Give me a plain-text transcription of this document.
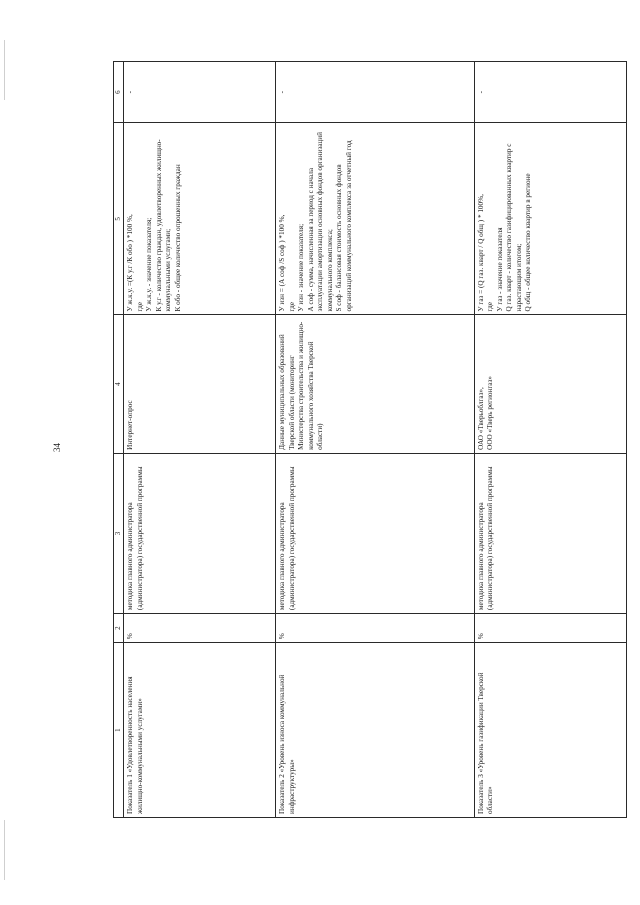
34
1	2	3	4	5	6
Показатель 1 «Удовлетворенность населения жилищно-коммунальными услугами»	%	методика главного администратора (администратора) государственной программы	Интернет-опрос	У ж.к.у. =(К у.г /К обо ) *100 %,
где
У ж.к.у. - значение показателя;
К у.г - количество граждан, удовлетворенных жилищно-коммунальными услугами;
К обо - общее количество опрошенных граждан	-
Показатель 2 «Уровень износа коммунальной инфраструктуры»	%	методика главного администратора (администратора) государственной программы	Данные муниципальных образований Тверской области (мониторинг Министерства строительства и жилищно-коммунального хозяйства Тверской области)	У изн = (А соф /S соф ) *100 %,
где
У изн - значение показателя;
А соф - сумма, начисленная за период с начала эксплуатации амортизации основных фондов организаций коммунального комплекса;
S соф - балансовая стоимость основных фондов организаций коммунального комплекса за отчетный год	-
Показатель 3 «Уровень газификации Тверской области»	%	методика главного администратора (администратора) государственной программы	ОАО «Тверьоблгаз»,
ООО «Тверь регионгаз»	У газ = (Q газ. кварт / Q общ ) * 100%,
где
У газ - значение показателя
Q газ. кварт - количество газифицированных квартир с нарастающим итогом;
Q общ - общее количество квартир в регионе	-
